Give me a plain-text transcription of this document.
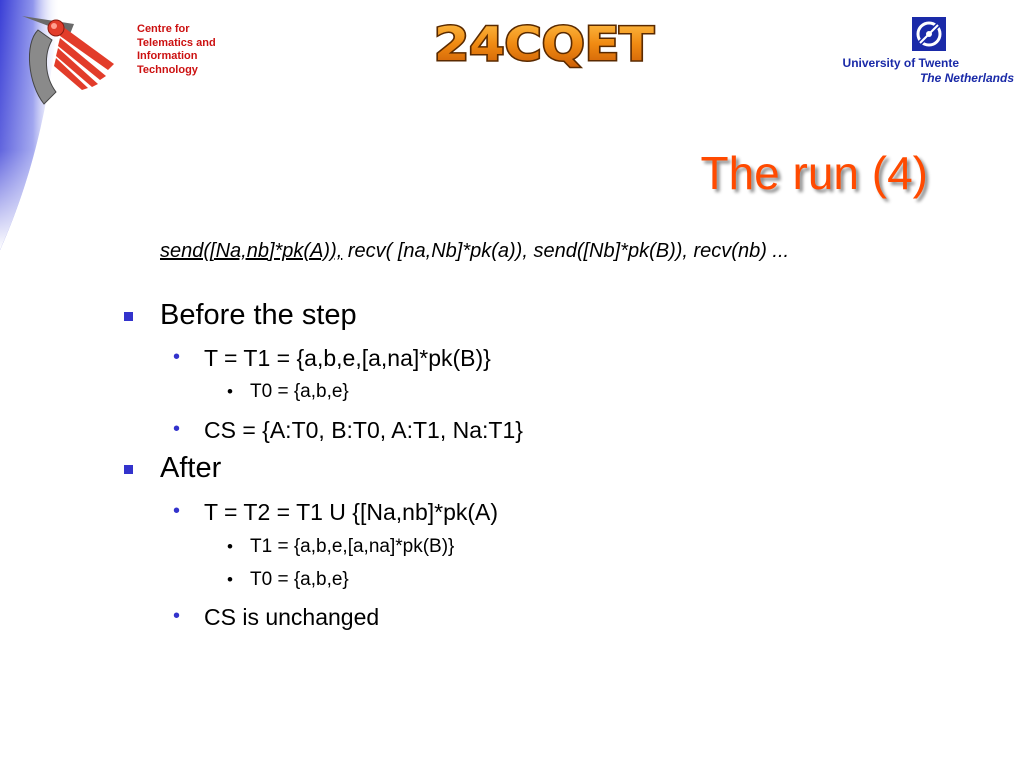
Centre for
Telematics and
Information
Technology	24CQET	University of Twente
The Netherlands
The run (4)
send([Na,nb]*pk(A)), recv( [na,Nb]*pk(a)), send([Nb]*pk(B)), recv(nb) ...
Before the step
• T = T1 = {a,b,e,[a,na]*pk(B)}
• T0 = {a,b,e}
• CS = {A:T0, B:T0, A:T1, Na:T1}
After
• T = T2 = T1 U {[Na,nb]*pk(A)
• T1 = {a,b,e,[a,na]*pk(B)}
• T0 = {a,b,e}
• CS is unchanged
